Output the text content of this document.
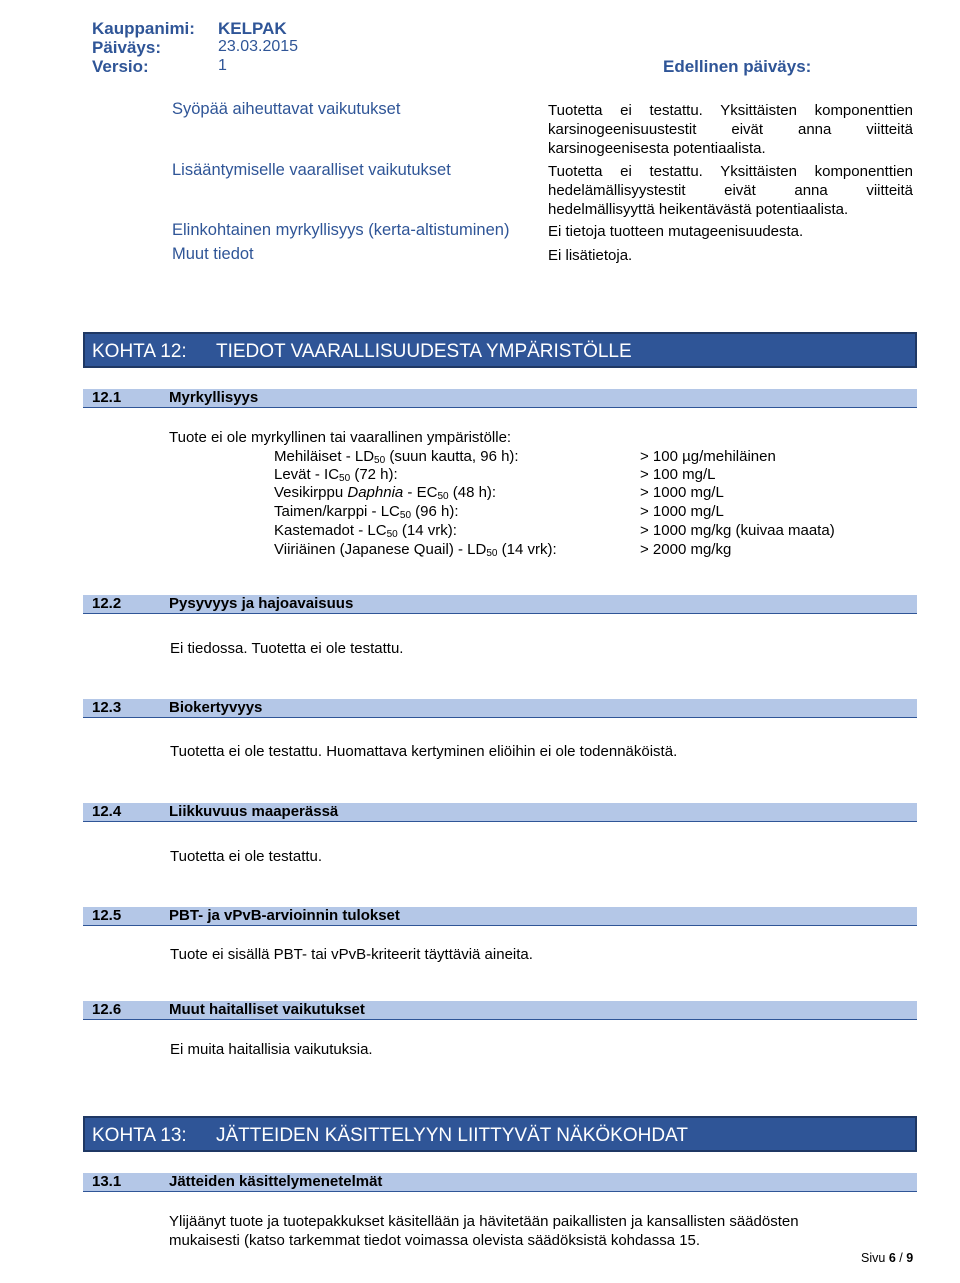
Kauppanimi: KELPAK
Päiväys:	23.03.2015
Versio:	1	Edellinen päiväys:
Syöpää aiheuttavat vaikutukset	Tuotetta ei testattu. Yksittäisten komponenttien karsinogeenisuustestit eivät anna viitteitä karsinogeenisesta potentiaalista.
Lisääntymiselle vaaralliset vaikutukset	Tuotetta ei testattu. Yksittäisten komponenttien hedelämällisyystestit eivät anna viitteitä hedelmällisyyttä heikentävästä potentiaalista.
Elinkohtainen myrkyllisyys (kerta-altistuminen)	Ei tietoja tuotteen mutageenisuudesta.
Muut tiedot	Ei lisätietoja.
KOHTA 12: TIEDOT VAARALLISUUDESTA YMPÄRISTÖLLE
12.1	Myrkyllisyys
Tuote ei ole myrkyllinen tai vaarallinen ympäristölle:
Mehiläiset - $LD_{50}$ (suun kautta, 96 h):	> 100 µg/mehiläinen
Levät - $IC_{50}$ (72 h):	> 100 mg/L
Vesikirppu Daphnia - $EC_{50}$ (48 h):	> 1000 mg/L
Taimen/karppi - $LC_{50}$ (96 h):	> 1000 mg/L
Kastemadot - $LC_{50}$ (14 vrk):	> 1000 mg/kg (kuivaa maata)
Viiriäinen (Japanese Quail) - $LD_{50}$ (14 vrk):	> 2000 mg/kg
12.2	Pysyvyys ja hajoavaisuus
Ei tiedossa. Tuotetta ei ole testattu.
12.3	Biokertyvyys
Tuotetta ei ole testattu. Huomattava kertyminen eliöihin ei ole todennäköistä.
12.4	Liikkuvuus maaperässä
Tuotetta ei ole testattu.
12.5	PBT- ja vPvB-arvioinnin tulokset
Tuote ei sisällä PBT- tai vPvB-kriteerit täyttäviä aineita.
12.6	Muut haitalliset vaikutukset
Ei muita haitallisia vaikutuksia.
KOHTA 13: JÄTTEIDEN KÄSITTELYYN LIITTYVÄT NÄKÖKOHDAT
13.1	Jätteiden käsittelymenetelmät
Ylijäänyt tuote ja tuotepakkukset käsitellään ja hävitetään paikallisten ja kansallisten säädösten mukaisesti (katso tarkemmat tiedot voimassa olevista säädöksistä kohdassa 15.
Sivu 6 / 9
